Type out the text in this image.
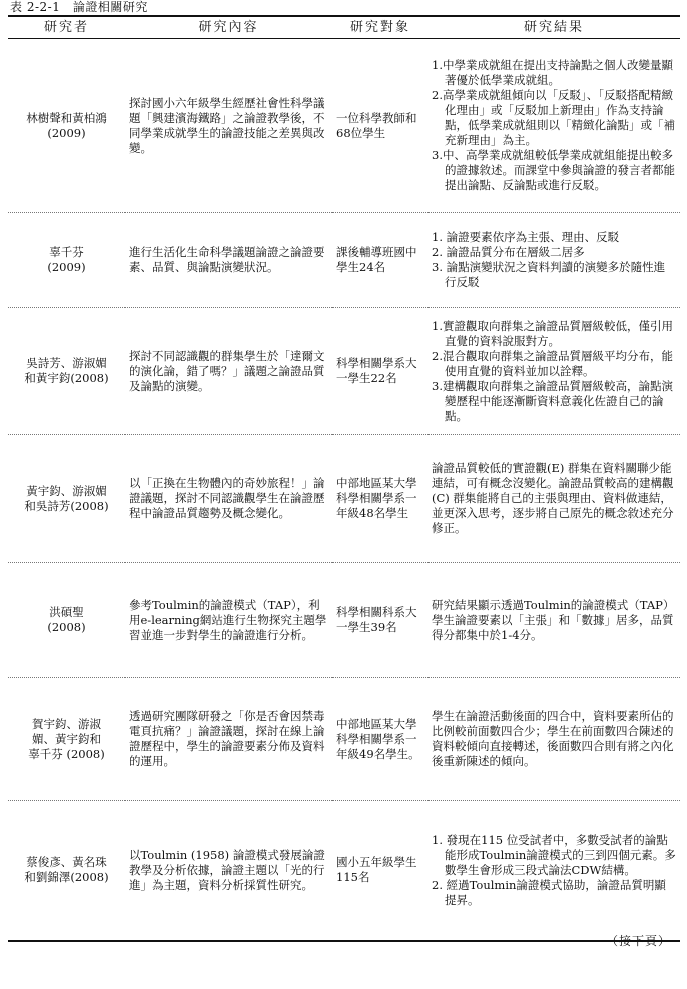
表 2-2-1　論證相關研究
研究者	研究內容	研究對象	研究結果

林樹聲和黃柏鴻
(2009)	探討國小六年級學生經歷社會性科學議題「興建濱海鐵路」之論證教學後，不同學業成就學生的論證技能之差異與改變。	一位科學教師和68位學生	1.中學業成就組在提出支持論點之個人改變量顯著優於低學業成就組。
2.高學業成就組傾向以「反駁」、「反駁搭配精緻化理由」或「反駁加上新理由」作為支持論點，低學業成就組則以「精緻化論點」或「補充新理由」為主。
3.中、高學業成就組較低學業成就組能提出較多的證據敘述。而課堂中參與論證的發言者都能提出論點、反論點或進行反駁。

辜千芬
(2009)	進行生活化生命科學議題論證之論證要素、品質、與論點演變狀況。	課後輔導班國中學生24名	1. 論證要素依序為主張、理由、反駁
2. 論證品質分布在層級二居多
3. 論點演變狀況之資料判讀的演變多於隨性進行反駁

吳詩芳、游淑媚
和黃宇鈞(2008)	探討不同認識觀的群集學生於「達爾文的演化論，錯了嗎？」議題之論證品質及論點的演變。	科學相關學系大一學生22名	1.實證觀取向群集之論證品質層級較低，僅引用直覺的資料說服對方。
2.混合觀取向群集之論證品質層級平均分布，能使用直覺的資料並加以詮釋。
3.建構觀取向群集之論證品質層級較高，論點演變歷程中能逐漸斷資料意義化佐證自己的論點。

黃宇鈞、游淑媚
和吳詩芳(2008)	以「正換在生物體內的奇妙旅程！」論證議題，探討不同認識觀學生在論證歷程中論證品質趨勢及概念變化。	中部地區某大學科學相關學系一年級48名學生	論證品質較低的實證觀(E) 群集在資料關聯少能連結，可有概念沒變化。論證品質較高的建構觀(C) 群集能將自己的主張與理由、資料做連結，並更深入思考，逐步將自己原先的概念敘述充分修正。

洪碩聖
(2008)	參考Toulmin的論證模式（TAP），利用e-learning網站進行生物探究主題學習並進一步對學生的論證進行分析。	科學相關科系大一學生39名	研究結果顯示透過Toulmin的論證模式（TAP）學生論證要素以「主張」和「數據」居多，品質得分都集中於1-4分。

賀宇鈞、游淑
媚、黃宇鈞和
辜千芬 (2008)	透過研究團隊研發之「你是否會因禁毒電頁抗痛？」論證議題，探討在線上論證歷程中，學生的論證要素分佈及資料的運用。	中部地區某大學科學相關學系一年級49名學生。	學生在論證活動後面的四合中，資料要素所佔的比例較前面數四合少；學生在前面數四合陳述的資料較傾向直接轉述，後面數四合則有將之內化後重新陳述的傾向。

蔡俊彥、黃名珠
和劉錦澤(2008)	以Toulmin (1958) 論證模式發展論證教學及分析依據，論證主題以「光的行進」為主題，資料分析採質性研究。	國小五年級學生115名	1. 發現在115 位受試者中，多數受試者的論點能形成Toulmin論證模式的三到四個元素。多數學生會形成三段式論法CDW結構。
2. 經過Toulmin論證模式協助，論證品質明顯提昇。
（接下頁）
